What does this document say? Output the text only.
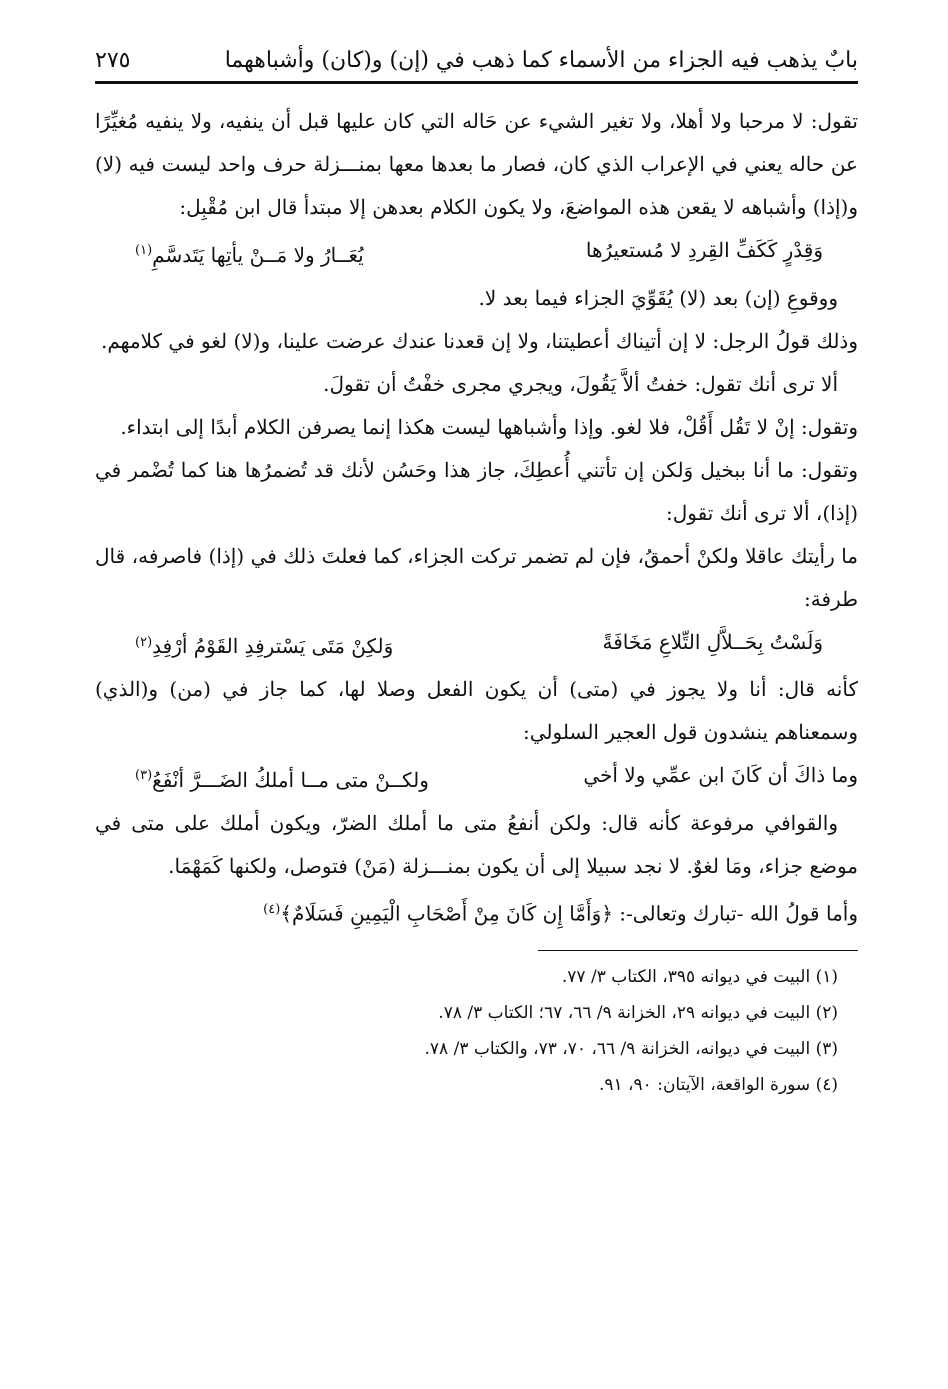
بابٌ يذهب فيه الجزاء من الأسماء كما ذهب في (إن) و(كان) وأشباههما
٢٧٥

تقول: لا مرحبا ولا أهلا، ولا تغير الشيء عن حَاله التي كان عليها قبل أن ينفيه، ولا ينفيه مُغيِّرًا عن حاله يعني في الإعراب الذي كان، فصار ما بعدها معها بمنـــزلة حرف واحد ليست فيه (لا) و(إذا) وأشباهه لا يقعن هذه المواضعَ، ولا يكون الكلام بعدهن إلا مبتدأ قال ابن مُقْبِل:

وَقِدْرٍ كَكَفِّ القِردِ لا مُستعيرُها
يُعَــارُ ولا مَــنْ يأتِها يَتَدسَّمِ$^{(١)}$

ووقوعِ (إن) بعد (لا) يُقَوِّيَ الجزاء فيما بعد لا.

وذلك قولُ الرجل: لا إن أتيناك أعطيتنا، ولا إن قعدنا عندك عرضت علينا، و(لا) لغو في كلامهم.

ألا ترى أنك تقول: خفتُ ألاَّ يَقُولَ، ويجري مجرى خفْتُ أن تقولَ.

وتقول: إنْ لا تَقُل أَقُلْ، فلا لغو. وإذا وأشباهها ليست هكذا إنما يصرفن الكلام أبدًا إلى ابتداء.

وتقول: ما أنا ببخيل وَلكن إن تأتني أُعطِكَ، جاز هذا وحَسُن لأنك قد تُضمرُها هنا كما تُضْمر في (إذا)، ألا ترى أنك تقول:

ما رأيتك عاقلا ولكنْ أحمقُ، فإن لم تضمر تركت الجزاء، كما فعلتَ ذلك في (إذا) فاصرفه، قال طرفة:

وَلَسْتُ بِحَــلاَّلِ التِّلاعِ مَخَافَةً
وَلكِنْ مَتَى يَسْترفِدِ القَوْمُ أرْفِدِ$^{(٢)}$

كأنه قال: أنا ولا يجوز في (متى) أن يكون الفعل وصلا لها، كما جاز في (من) و(الذي) وسمعناهم ينشدون قول العجير السلولي:

وما ذاكَ أن كَانَ ابن عمِّي ولا أخي
ولكــنْ متى مــا أملكُ الضَـــرَّ أنْفَعُ$^{(٣)}$

والقوافي مرفوعة كأنه قال: ولكن أنفعُ متى ما أملك الضرّ، ويكون أملك على متى في موضع جزاء، ومَا لغوٌ. لا نجد سبيلا إلى أن يكون بمنـــزلة (مَنْ) فتوصل، ولكنها كَمَهْمَا.

وأما قولُ الله -تبارك وتعالى-: ﴿وَأَمَّا إِن كَانَ مِنْ أَصْحَابِ الْيَمِينِ فَسَلَامٌ﴾$^{(٤)}$

(١) البيت في ديوانه ٣٩٥، الكتاب ٣/ ٧٧.

(٢) البيت في ديوانه ٢٩، الخزانة ٩/ ٦٦، ٦٧؛ الكتاب ٣/ ٧٨.

(٣) البيت في ديوانه، الخزانة ٩/ ٦٦، ٧٠، ٧٣، والكتاب ٣/ ٧٨.

(٤) سورة الواقعة، الآيتان: ٩٠، ٩١.
